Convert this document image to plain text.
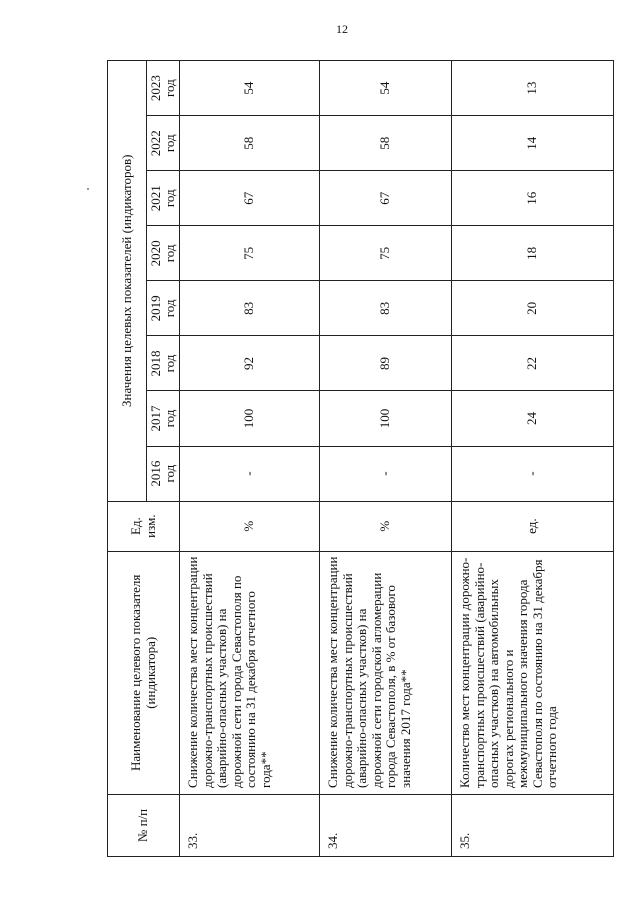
12
№ п/п	Наименование целевого показателя (индикатора)	Ед. изм.	Значения целевых показателей (индикаторов)							

			2016 год	2017 год	2018 год	2019 год	2020 год	2021 год	2022 год	2023 год

33.	Снижение количества мест концентрации дорожно-транспортных происшествий (аварийно-опасных участков) на дорожной сети города Севастополя по состоянию на 31 декабря отчетного года**	%	-	100	92	83	75	67	58	54
34.	Снижение количества мест концентрации дорожно-транспортных происшествий (аварийно-опасных участков) на дорожной сети городской агломерации города Севастополя, в % от базового значения 2017 года**	%	-	100	89	83	75	67	58	54
35.	Количество мест концентрации дорожно-транспортных происшествий (аварийно-опасных участков) на автомобильных дорогах регионального и межмуниципального значения города Севастополя по состоянию на 31 декабря отчетного года	ед.	-	24	22	20	18	16	14	13
